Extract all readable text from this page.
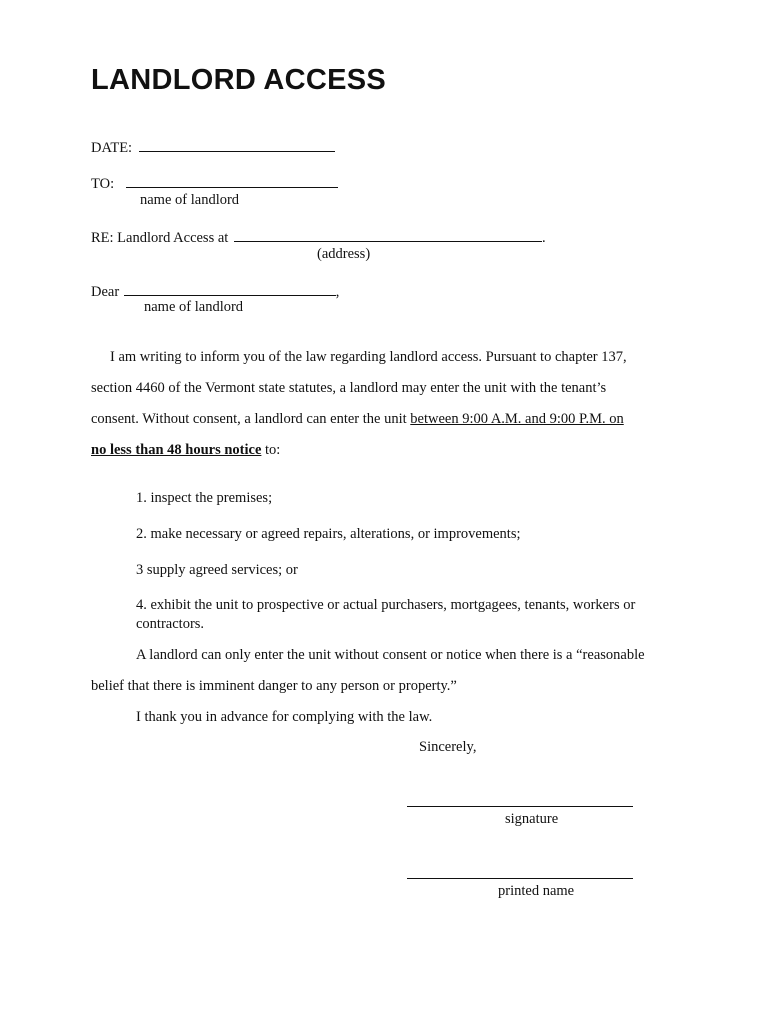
LANDLORD ACCESS
DATE:
TO:
name of landlord
RE: Landlord Access at	.
(address)
Dear	,
name of landlord
I am writing to inform you of the law regarding landlord access. Pursuant to chapter 137,
section 4460 of the Vermont state statutes, a landlord may enter the unit with the tenant’s
consent. Without consent, a landlord can enter the unit between 9:00 A.M. and 9:00 P.M. on
no less than 48 hours notice to:
1. inspect the premises;
2. make necessary or agreed repairs, alterations, or improvements;
3 supply agreed services; or
4. exhibit the unit to prospective or actual purchasers, mortgagees, tenants, workers or
contractors.
A landlord can only enter the unit without consent or notice when there is a “reasonable
belief that there is imminent danger to any person or property.”
I thank you in advance for complying with the law.
Sincerely,
signature
printed name
